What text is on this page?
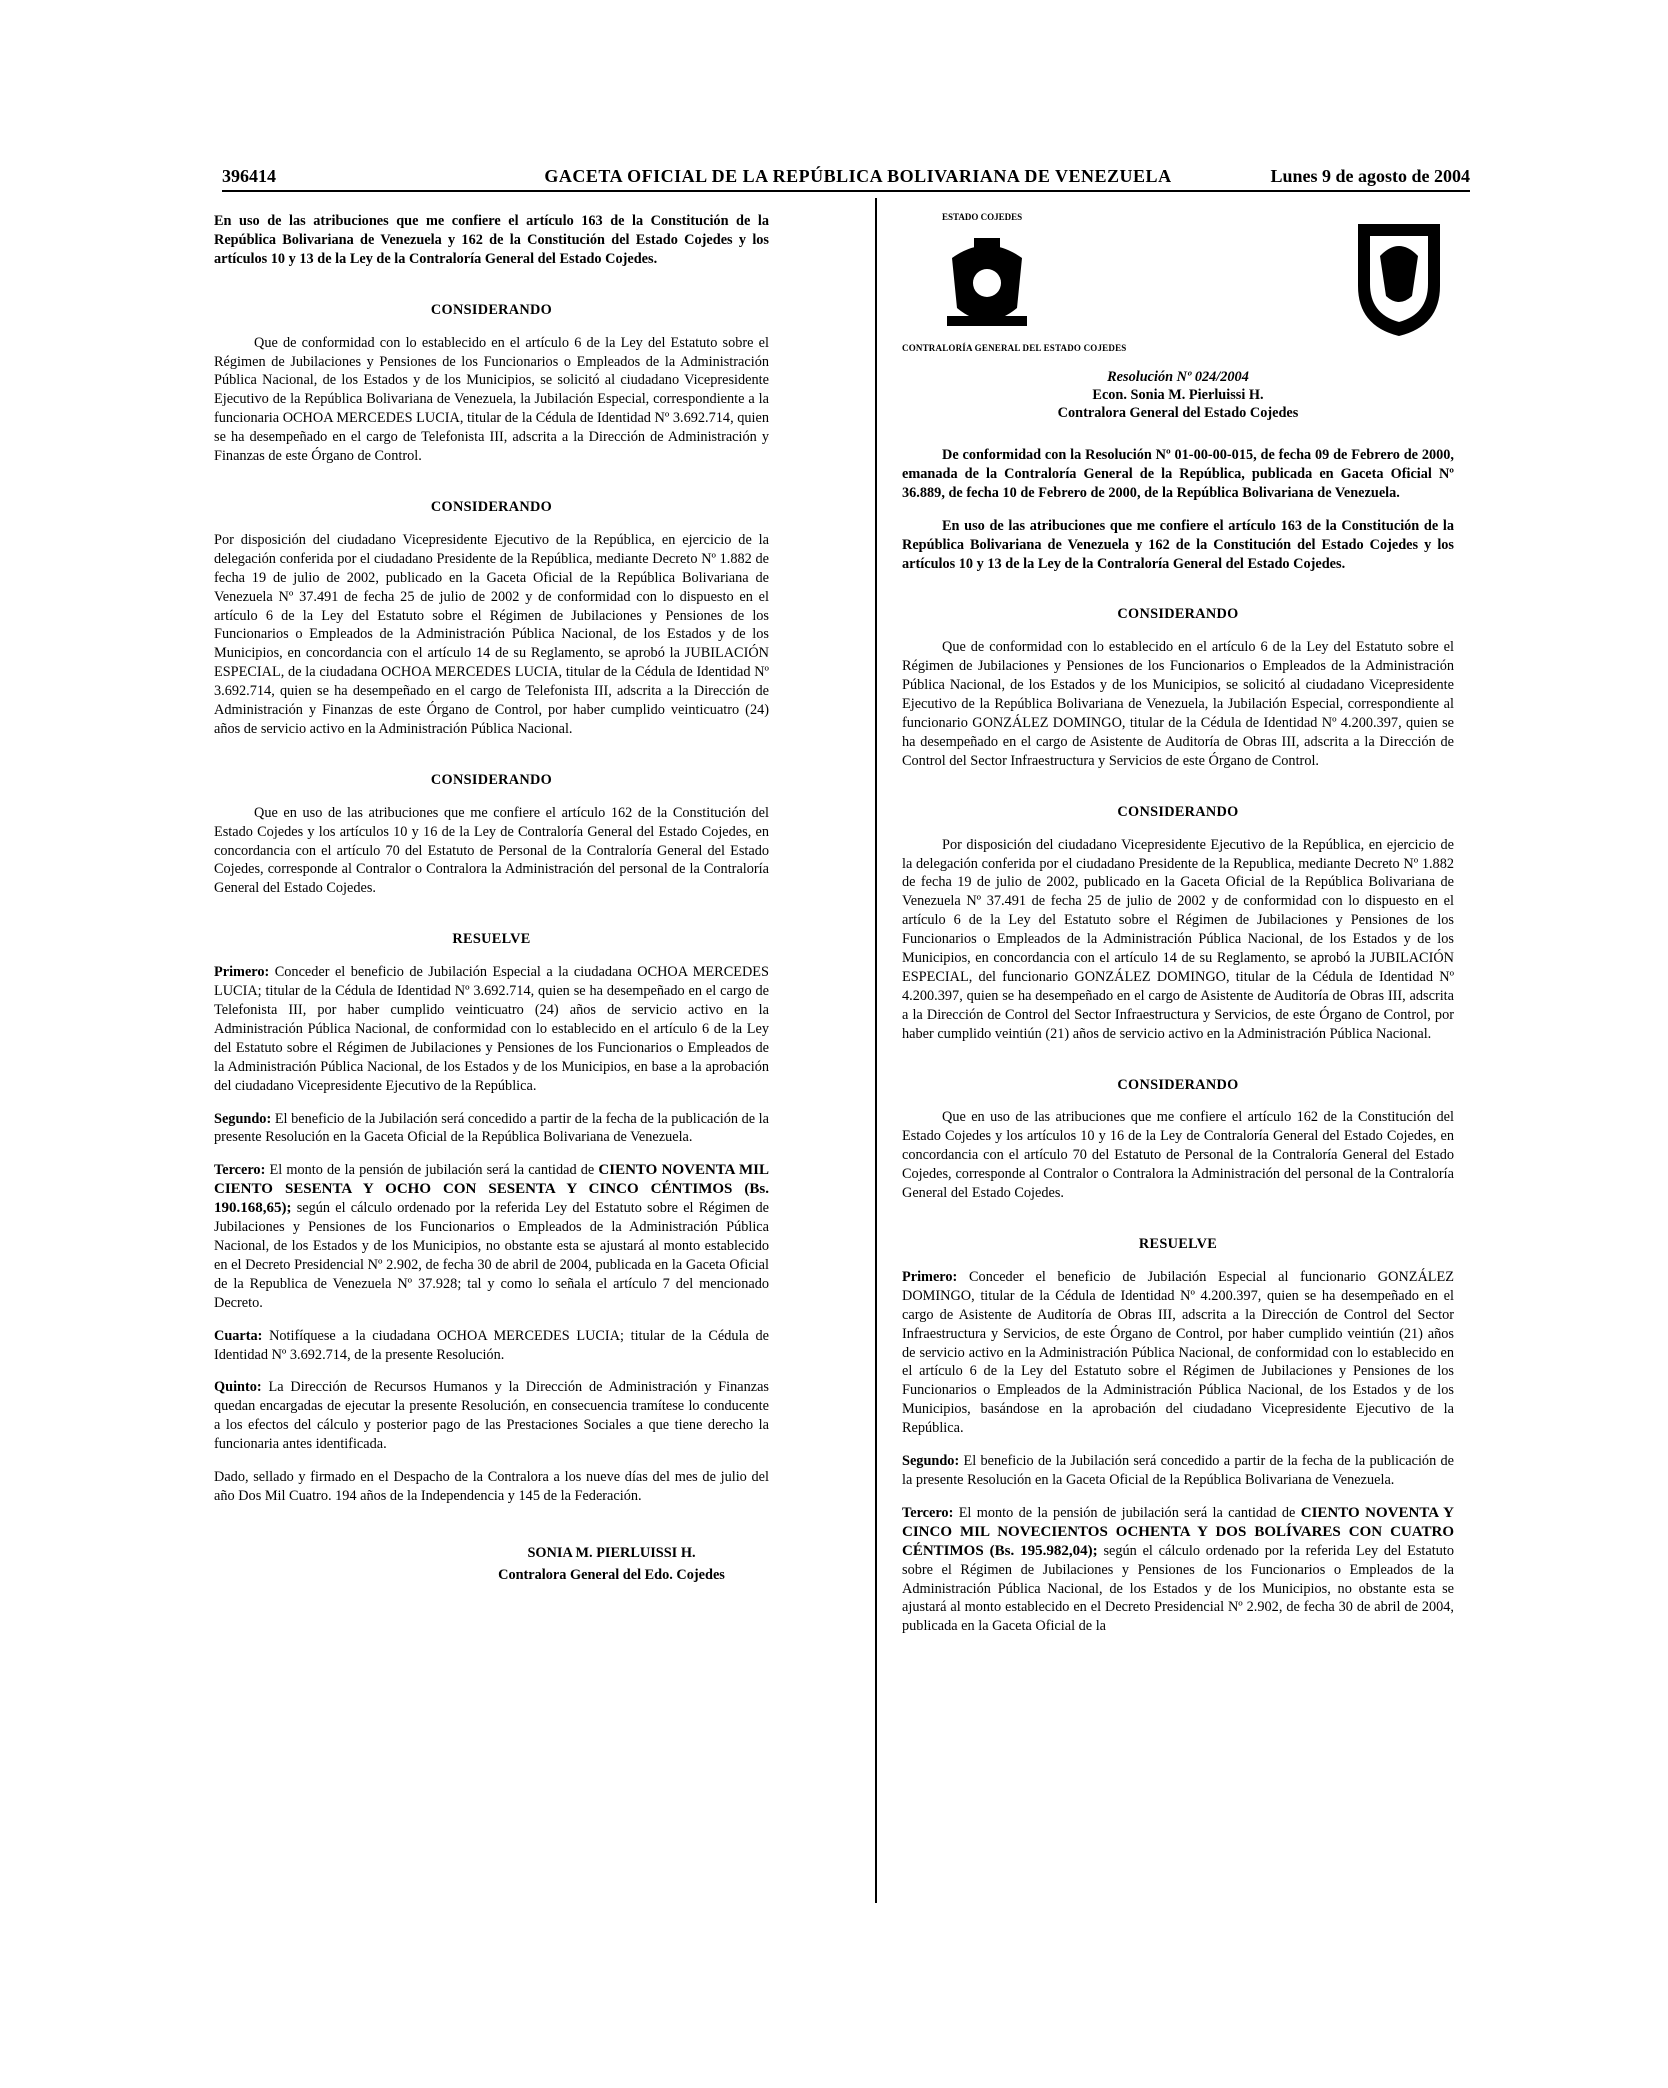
396414	GACETA OFICIAL DE LA REPÚBLICA BOLIVARIANA DE VENEZUELA	Lunes 9 de agosto de 2004

En uso de las atribuciones que me confiere el artículo 163 de la Constitución de la República Bolivariana de Venezuela y 162 de la Constitución del Estado Cojedes y los artículos 10 y 13 de la Ley de la Contraloría General del Estado Cojedes.

CONSIDERANDO

Que de conformidad con lo establecido en el artículo 6 de la Ley del Estatuto sobre el Régimen de Jubilaciones y Pensiones de los Funcionarios o Empleados de la Administración Pública Nacional, de los Estados y de los Municipios, se solicitó al ciudadano Vicepresidente Ejecutivo de la República Bolivariana de Venezuela, la Jubilación Especial, correspondiente a la funcionaria OCHOA MERCEDES LUCIA, titular de la Cédula de Identidad Nº 3.692.714, quien se ha desempeñado en el cargo de Telefonista III, adscrita a la Dirección de Administración y Finanzas de este Órgano de Control.

CONSIDERANDO

Por disposición del ciudadano Vicepresidente Ejecutivo de la República, en ejercicio de la delegación conferida por el ciudadano Presidente de la República, mediante Decreto Nº 1.882 de fecha 19 de julio de 2002, publicado en la Gaceta Oficial de la República Bolivariana de Venezuela Nº 37.491 de fecha 25 de julio de 2002 y de conformidad con lo dispuesto en el artículo 6 de la Ley del Estatuto sobre el Régimen de Jubilaciones y Pensiones de los Funcionarios o Empleados de la Administración Pública Nacional, de los Estados y de los Municipios, en concordancia con el artículo 14 de su Reglamento, se aprobó la JUBILACIÓN ESPECIAL, de la ciudadana OCHOA MERCEDES LUCIA, titular de la Cédula de Identidad Nº 3.692.714, quien se ha desempeñado en el cargo de Telefonista III, adscrita a la Dirección de Administración y Finanzas de este Órgano de Control, por haber cumplido veinticuatro (24) años de servicio activo en la Administración Pública Nacional.

CONSIDERANDO

Que en uso de las atribuciones que me confiere el artículo 162 de la Constitución del Estado Cojedes y los artículos 10 y 16 de la Ley de Contraloría General del Estado Cojedes, en concordancia con el artículo 70 del Estatuto de Personal de la Contraloría General del Estado Cojedes, corresponde al Contralor o Contralora la Administración del personal de la Contraloría General del Estado Cojedes.

RESUELVE

Primero: Conceder el beneficio de Jubilación Especial a la ciudadana OCHOA MERCEDES LUCIA; titular de la Cédula de Identidad Nº 3.692.714, quien se ha desempeñado en el cargo de Telefonista III, por haber cumplido veinticuatro (24) años de servicio activo en la Administración Pública Nacional, de conformidad con lo establecido en el artículo 6 de la Ley del Estatuto sobre el Régimen de Jubilaciones y Pensiones de los Funcionarios o Empleados de la Administración Pública Nacional, de los Estados y de los Municipios, en base a la aprobación del ciudadano Vicepresidente Ejecutivo de la República.

Segundo: El beneficio de la Jubilación será concedido a partir de la fecha de la publicación de la presente Resolución en la Gaceta Oficial de la República Bolivariana de Venezuela.

Tercero: El monto de la pensión de jubilación será la cantidad de CIENTO NOVENTA MIL CIENTO SESENTA Y OCHO CON SESENTA Y CINCO CÉNTIMOS (Bs. 190.168,65); según el cálculo ordenado por la referida Ley del Estatuto sobre el Régimen de Jubilaciones y Pensiones de los Funcionarios o Empleados de la Administración Pública Nacional, de los Estados y de los Municipios, no obstante esta se ajustará al monto establecido en el Decreto Presidencial Nº 2.902, de fecha 30 de abril de 2004, publicada en la Gaceta Oficial de la Republica de Venezuela Nº 37.928; tal y como lo señala el artículo 7 del mencionado Decreto.

Cuarta: Notifíquese a la ciudadana OCHOA MERCEDES LUCIA; titular de la Cédula de Identidad Nº 3.692.714, de la presente Resolución.

Quinto: La Dirección de Recursos Humanos y la Dirección de Administración y Finanzas quedan encargadas de ejecutar la presente Resolución, en consecuencia tramítese lo conducente a los efectos del cálculo y posterior pago de las Prestaciones Sociales a que tiene derecho la funcionaria antes identificada.

Dado, sellado y firmado en el Despacho de la Contralora a los nueve días del mes de julio del año Dos Mil Cuatro. 194 años de la Independencia y 145 de la Federación.

SONIA M. PIERLUISSI H.
Contralora General del Edo. Cojedes

ESTADO COJEDES
CONTRALORÍA GENERAL DEL ESTADO COJEDES

Resolución Nº 024/2004
Econ. Sonia M. Pierluissi H.
Contralora General del Estado Cojedes

De conformidad con la Resolución Nº 01-00-00-015, de fecha 09 de Febrero de 2000, emanada de la Contraloría General de la República, publicada en Gaceta Oficial Nº 36.889, de fecha 10 de Febrero de 2000, de la República Bolivariana de Venezuela.

En uso de las atribuciones que me confiere el artículo 163 de la Constitución de la República Bolivariana de Venezuela y 162 de la Constitución del Estado Cojedes y los artículos 10 y 13 de la Ley de la Contraloría General del Estado Cojedes.

CONSIDERANDO

Que de conformidad con lo establecido en el artículo 6 de la Ley del Estatuto sobre el Régimen de Jubilaciones y Pensiones de los Funcionarios o Empleados de la Administración Pública Nacional, de los Estados y de los Municipios, se solicitó al ciudadano Vicepresidente Ejecutivo de la República Bolivariana de Venezuela, la Jubilación Especial, correspondiente al funcionario GONZÁLEZ DOMINGO, titular de la Cédula de Identidad Nº 4.200.397, quien se ha desempeñado en el cargo de Asistente de Auditoría de Obras III, adscrita a la Dirección de Control del Sector Infraestructura y Servicios de este Órgano de Control.

CONSIDERANDO

Por disposición del ciudadano Vicepresidente Ejecutivo de la República, en ejercicio de la delegación conferida por el ciudadano Presidente de la Republica, mediante Decreto Nº 1.882 de fecha 19 de julio de 2002, publicado en la Gaceta Oficial de la República Bolivariana de Venezuela Nº 37.491 de fecha 25 de julio de 2002 y de conformidad con lo dispuesto en el artículo 6 de la Ley del Estatuto sobre el Régimen de Jubilaciones y Pensiones de los Funcionarios o Empleados de la Administración Pública Nacional, de los Estados y de los Municipios, en concordancia con el artículo 14 de su Reglamento, se aprobó la JUBILACIÓN ESPECIAL, del funcionario GONZÁLEZ DOMINGO, titular de la Cédula de Identidad Nº 4.200.397, quien se ha desempeñado en el cargo de Asistente de Auditoría de Obras III, adscrita a la Dirección de Control del Sector Infraestructura y Servicios, de este Órgano de Control, por haber cumplido veintiún (21) años de servicio activo en la Administración Pública Nacional.

CONSIDERANDO

Que en uso de las atribuciones que me confiere el artículo 162 de la Constitución del Estado Cojedes y los artículos 10 y 16 de la Ley de Contraloría General del Estado Cojedes, en concordancia con el artículo 70 del Estatuto de Personal de la Contraloría General del Estado Cojedes, corresponde al Contralor o Contralora la Administración del personal de la Contraloría General del Estado Cojedes.

RESUELVE

Primero: Conceder el beneficio de Jubilación Especial al funcionario GONZÁLEZ DOMINGO, titular de la Cédula de Identidad Nº 4.200.397, quien se ha desempeñado en el cargo de Asistente de Auditoría de Obras III, adscrita a la Dirección de Control del Sector Infraestructura y Servicios, de este Órgano de Control, por haber cumplido veintiún (21) años de servicio activo en la Administración Pública Nacional, de conformidad con lo establecido en el artículo 6 de la Ley del Estatuto sobre el Régimen de Jubilaciones y Pensiones de los Funcionarios o Empleados de la Administración Pública Nacional, de los Estados y de los Municipios, basándose en la aprobación del ciudadano Vicepresidente Ejecutivo de la República.

Segundo: El beneficio de la Jubilación será concedido a partir de la fecha de la publicación de la presente Resolución en la Gaceta Oficial de la República Bolivariana de Venezuela.

Tercero: El monto de la pensión de jubilación será la cantidad de CIENTO NOVENTA Y CINCO MIL NOVECIENTOS OCHENTA Y DOS BOLÍVARES CON CUATRO CÉNTIMOS (Bs. 195.982,04); según el cálculo ordenado por la referida Ley del Estatuto sobre el Régimen de Jubilaciones y Pensiones de los Funcionarios o Empleados de la Administración Pública Nacional, de los Estados y de los Municipios, no obstante esta se ajustará al monto establecido en el Decreto Presidencial Nº 2.902, de fecha 30 de abril de 2004, publicada en la Gaceta Oficial de la
